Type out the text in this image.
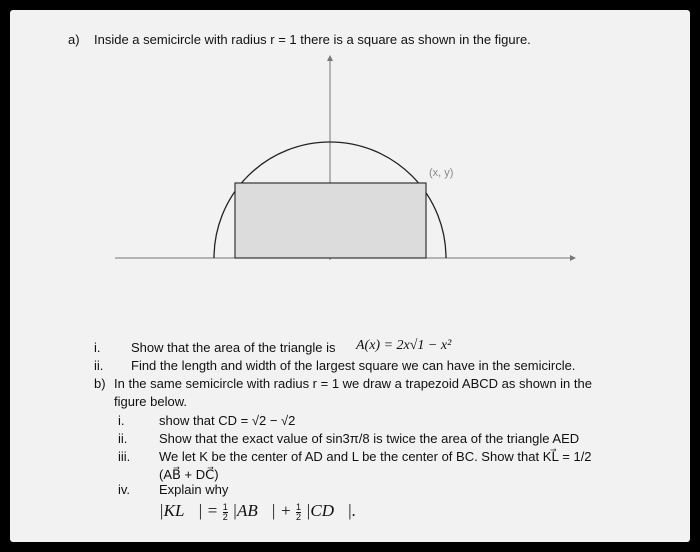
a) Inside a semicircle with radius r = 1 there is a square as shown in the figure.
(x, y)
i. Show that the area of the triangle is A(x) = 2x√1 − x²
ii. Find the length and width of the largest square we can have in the semicircle.
b) In the same semicircle with radius r = 1 we draw a trapezoid ABCD as shown in the
figure below.
i.	show that CD = √2 − √2
ii. Show that the exact value of sin3π/8 is twice the area of the triangle AED
iii. We let K be the center of AD and L be the center of BC. Show that KL⃗ = 1/2
(AB⃗ + DC⃗)
iv. Explain why
|KL⃗| = $\frac{1}{2}$ |AB⃗| + $\frac{1}{2}$ |CD⃗|.
